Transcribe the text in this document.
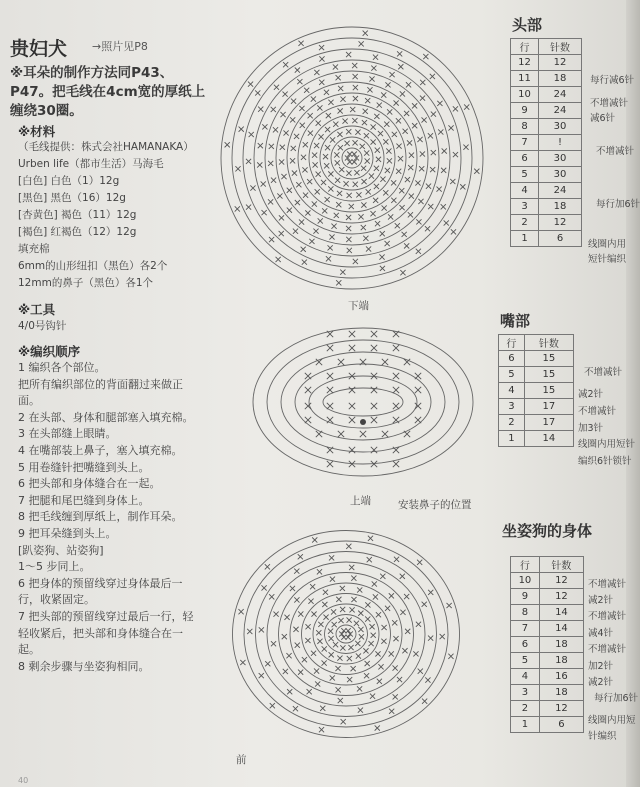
贵妇犬 →照片见P8
※耳朵的制作方法同P43、P47。把毛线在4cm宽的厚纸上缠绕30圈。
※材料
（毛线提供：株式会社HAMANAKA）
Urben life（都市生活）马海毛
[白色] 白色（1）12g
[黑色] 黑色（16）12g
[杏黄色] 褐色（11）12g
[褐色] 红褐色（12）12g
填充棉
6mm的山形纽扣（黑色）各2个
12mm的鼻子（黑色）各1个
※工具
4/0号钩针
※编织顺序
1 编织各个部位。
把所有编织部位的背面翻过来做正
面。
2 在头部、身体和腿部塞入填充棉。
3 在头部缝上眼睛。
4 在嘴部装上鼻子，塞入填充棉。
5 用卷缝针把嘴缝到头上。
6 把头部和身体缝合在一起。
7 把腿和尾巴缝到身体上。
8 把毛线缠到厚纸上，制作耳朵。
9 把耳朵缝到头上。
[趴姿狗、站姿狗]
1～5 步同上。
6 把身体的预留线穿过身体最后一
行，收紧固定。
7 把头部的预留线穿过最后一行，轻
轻收紧后，把头部和身体缝合在一
起。
8 剩余步骤与坐姿狗相同。
下端
上端	安装鼻子的位置
前
头部
行	针数
12	12
11	18
10	24
9	24
8	30
7	!
6	30
5	30
4	24
3	18
2	12
1	6
每行减6针
不增减针
减6针
不增减针
每行加6针
线圈内用
短针编织
嘴部
行	针数
6	15
5	15
4	15
3	17
2	17
1	14
不增减针
减2针
不增减针
加3针
线圈内用短针
编织6针锁针
坐姿狗的身体
行	针数
10	12
9	12
8	14
7	14
6	18
5	18
4	16
3	18
2	12
1	6
不增减针
减2针
不增减针
减4针
不增减针
加2针
减2针
每行加6针
线圈内用短
针编织
40
